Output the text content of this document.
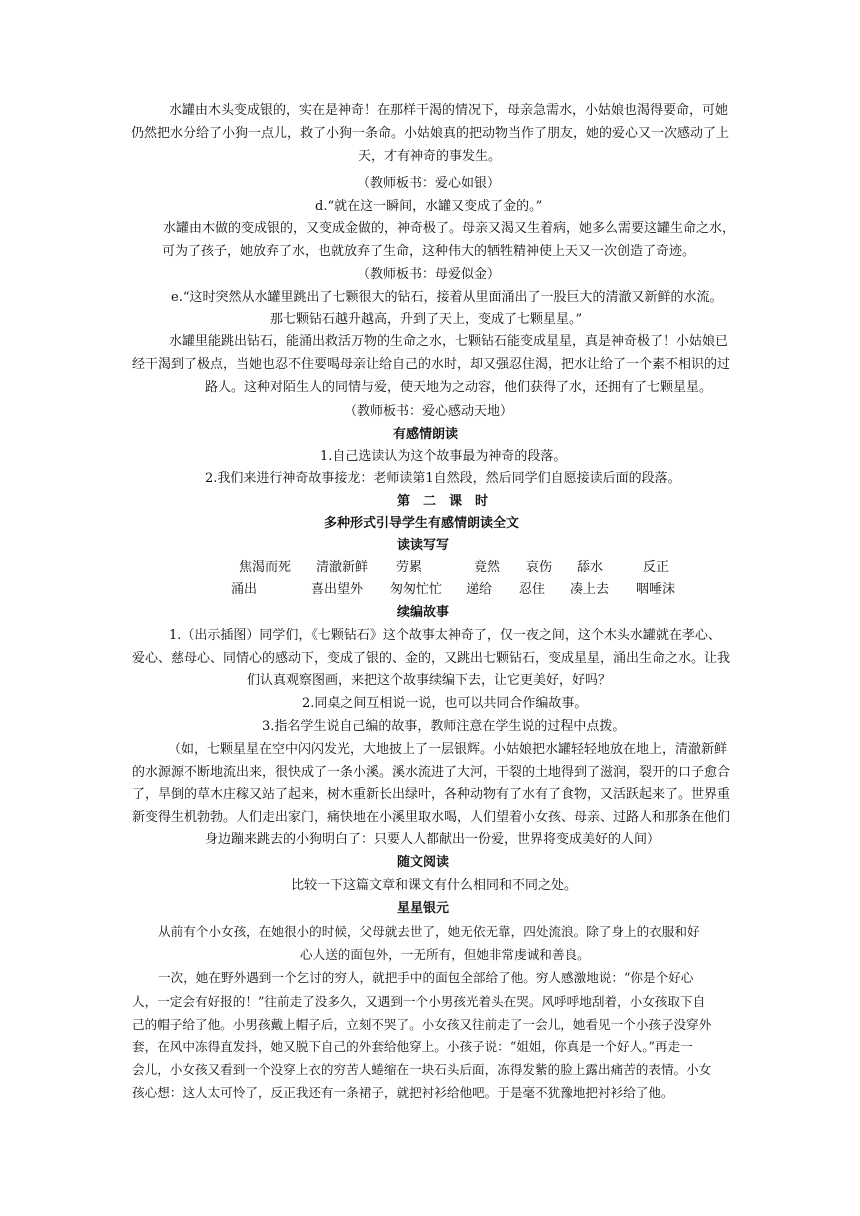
水罐由木头变成银的，实在是神奇！在那样干渴的情况下，母亲急需水，小姑娘也渴得要命，可她
仍然把水分给了小狗一点儿，救了小狗一条命。小姑娘真的把动物当作了朋友，她的爱心又一次感动了上
天，才有神奇的事发生。
（教师板书：爱心如银）
d.“就在这一瞬间，水罐又变成了金的。”
水罐由木做的变成银的，又变成金做的，神奇极了。母亲又渴又生着病，她多么需要这罐生命之水，
可为了孩子，她放弃了水，也就放弃了生命，这种伟大的牺牲精神使上天又一次创造了奇迹。
（教师板书：母爱似金）
e.“这时突然从水罐里跳出了七颗很大的钻石，接着从里面涌出了一股巨大的清澈又新鲜的水流。
那七颗钻石越升越高，升到了天上，变成了七颗星星。”
水罐里能跳出钻石，能涌出救活万物的生命之水，七颗钻石能变成星星，真是神奇极了！小姑娘已
经干渴到了极点，当她也忍不住要喝母亲让给自己的水时，却又强忍住渴，把水让给了一个素不相识的过
路人。这种对陌生人的同情与爱，使天地为之动容，他们获得了水，还拥有了七颗星星。
（教师板书：爱心感动天地）
有感情朗读
1.自己选读认为这个故事最为神奇的段落。
2.我们来进行神奇故事接龙：老师读第1自然段，然后同学们自愿接读后面的段落。
第　二　课　时
多种形式引导学生有感情朗读全文
读读写写
焦渴而死 清澈新鲜 劳累	竟然 哀伤 舔水	反正
涌出	喜出望外 匆匆忙忙 递给 忍住 凑上去 咽唾沫
续编故事
1.（出示插图）同学们，《七颗钻石》这个故事太神奇了，仅一夜之间，这个木头水罐就在孝心、
爱心、慈母心、同情心的感动下，变成了银的、金的，又跳出七颗钻石，变成星星，涌出生命之水。让我
们认真观察图画，来把这个故事续编下去，让它更美好，好吗？
2.同桌之间互相说一说，也可以共同合作编故事。
3.指名学生说自己编的故事，教师注意在学生说的过程中点拨。
（如，七颗星星在空中闪闪发光，大地披上了一层银辉。小姑娘把水罐轻轻地放在地上，清澈新鲜
的水源源不断地流出来，很快成了一条小溪。溪水流进了大河，干裂的土地得到了滋润，裂开的口子愈合
了，旱倒的草木庄稼又站了起来，树木重新长出绿叶，各种动物有了水有了食物，又活跃起来了。世界重
新变得生机勃勃。人们走出家门，痛快地在小溪里取水喝，人们望着小女孩、母亲、过路人和那条在他们
身边蹦来跳去的小狗明白了：只要人人都献出一份爱，世界将变成美好的人间）
随文阅读
比较一下这篇文章和课文有什么相同和不同之处。
星星银元
从前有个小女孩，在她很小的时候，父母就去世了，她无依无靠，四处流浪。除了身上的衣服和好
心人送的面包外，一无所有，但她非常虔诚和善良。
一次，她在野外遇到一个乞讨的穷人，就把手中的面包全部给了他。穷人感激地说：“你是个好心
人，一定会有好报的！”往前走了没多久，又遇到一个小男孩光着头在哭。风呼呼地刮着，小女孩取下自
己的帽子给了他。小男孩戴上帽子后，立刻不哭了。小女孩又往前走了一会儿，她看见一个小孩子没穿外
套，在风中冻得直发抖，她又脱下自己的外套给他穿上。小孩子说：“姐姐，你真是一个好人。”再走一
会儿，小女孩又看到一个没穿上衣的穷苦人蜷缩在一块石头后面，冻得发紫的脸上露出痛苦的表情。小女
孩心想：这人太可怜了，反正我还有一条裙子，就把衬衫给他吧。于是毫不犹豫地把衬衫给了他。
